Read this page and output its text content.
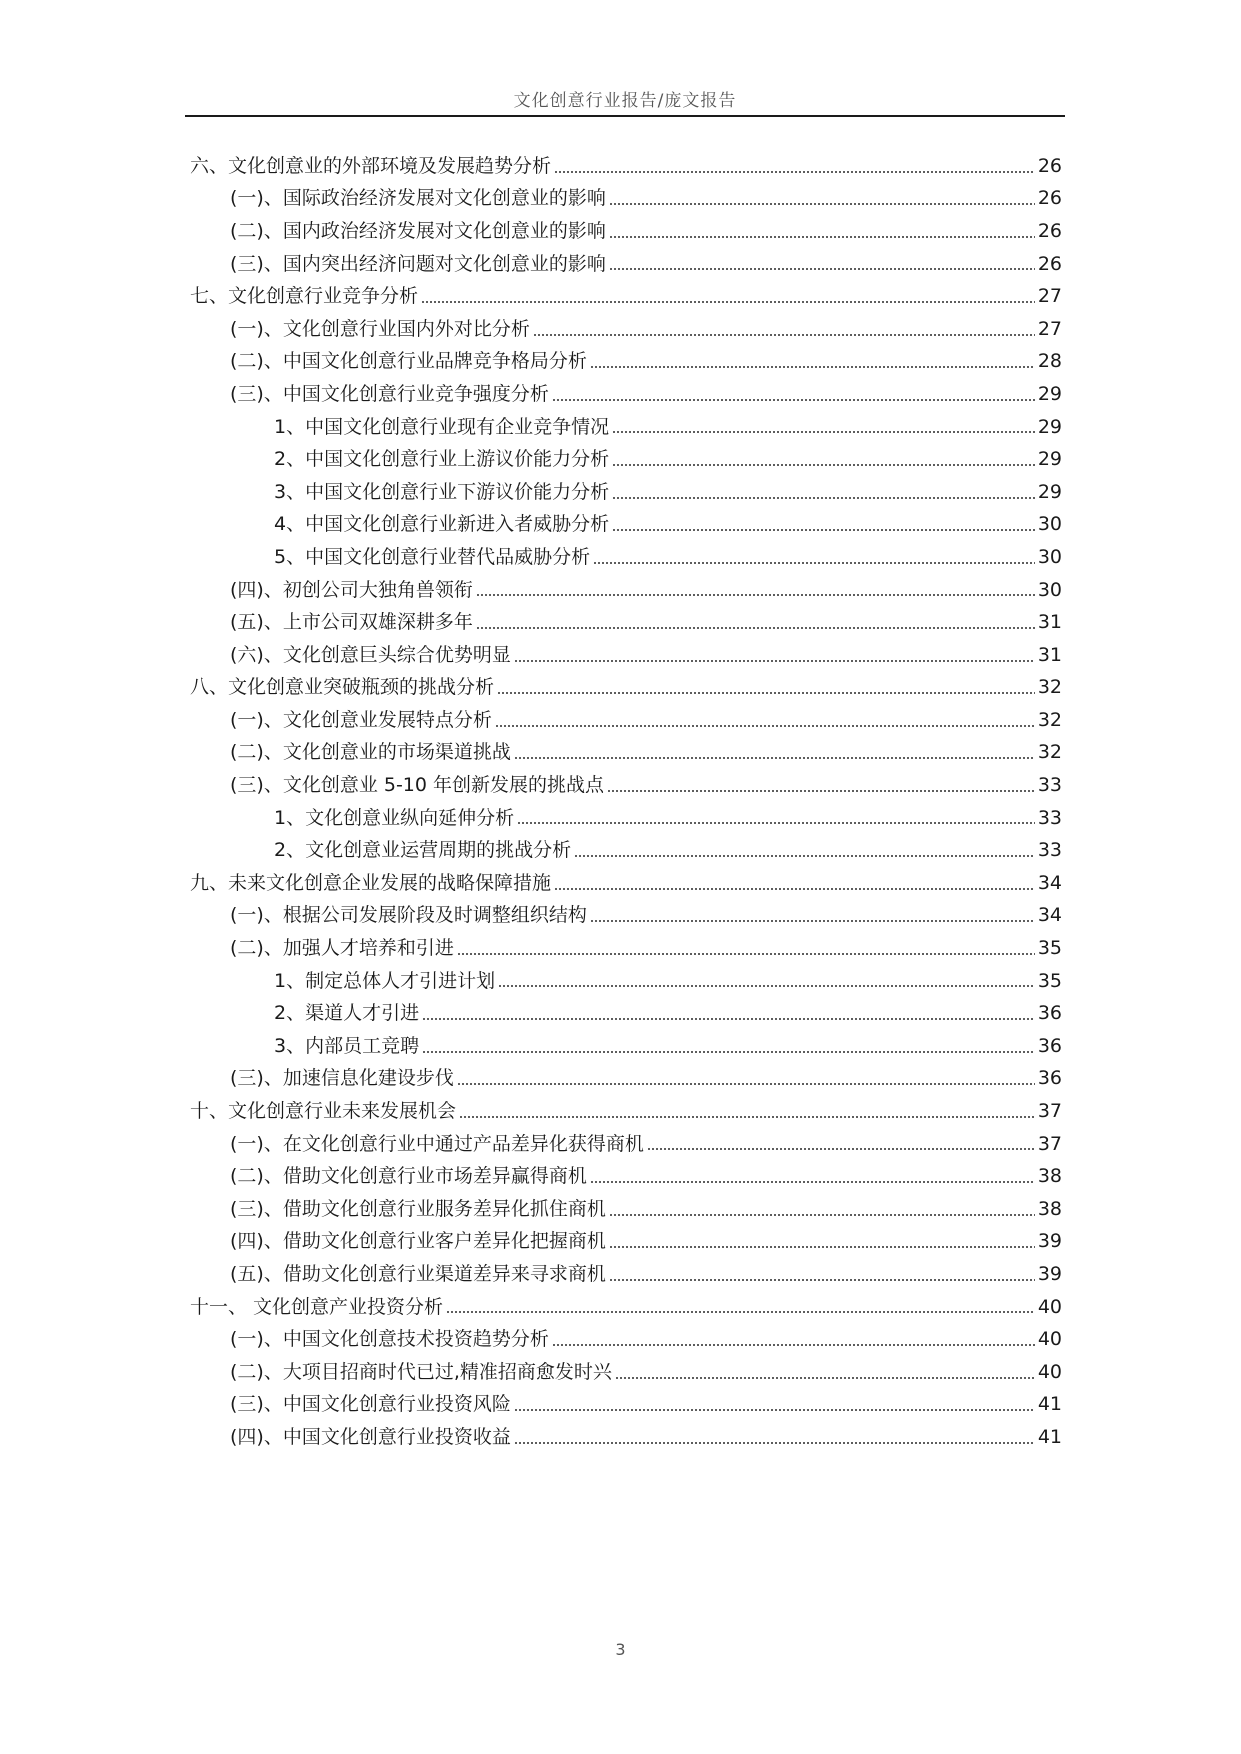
文化创意行业报告/庞文报告
六、文化创意业的外部环境及发展趋势分析	26
(一)、国际政治经济发展对文化创意业的影响	26
(二)、国内政治经济发展对文化创意业的影响	26
(三)、国内突出经济问题对文化创意业的影响	26
七、文化创意行业竞争分析	27
(一)、文化创意行业国内外对比分析	27
(二)、中国文化创意行业品牌竞争格局分析	28
(三)、中国文化创意行业竞争强度分析	29
1、中国文化创意行业现有企业竞争情况	29
2、中国文化创意行业上游议价能力分析	29
3、中国文化创意行业下游议价能力分析	29
4、中国文化创意行业新进入者威胁分析	30
5、中国文化创意行业替代品威胁分析	30
(四)、初创公司大独角兽领衔	30
(五)、上市公司双雄深耕多年	31
(六)、文化创意巨头综合优势明显	31
八、文化创意业突破瓶颈的挑战分析	32
(一)、文化创意业发展特点分析	32
(二)、文化创意业的市场渠道挑战	32
(三)、文化创意业 5-10 年创新发展的挑战点	33
1、文化创意业纵向延伸分析	33
2、文化创意业运营周期的挑战分析	33
九、未来文化创意企业发展的战略保障措施	34
(一)、根据公司发展阶段及时调整组织结构	34
(二)、加强人才培养和引进	35
1、制定总体人才引进计划	35
2、渠道人才引进	36
3、内部员工竞聘	36
(三)、加速信息化建设步伐	36
十、文化创意行业未来发展机会	37
(一)、在文化创意行业中通过产品差异化获得商机	37
(二)、借助文化创意行业市场差异赢得商机	38
(三)、借助文化创意行业服务差异化抓住商机	38
(四)、借助文化创意行业客户差异化把握商机	39
(五)、借助文化创意行业渠道差异来寻求商机	39
十一、 文化创意产业投资分析	40
(一)、中国文化创意技术投资趋势分析	40
(二)、大项目招商时代已过,精准招商愈发时兴	40
(三)、中国文化创意行业投资风险	41
(四)、中国文化创意行业投资收益	41
3
